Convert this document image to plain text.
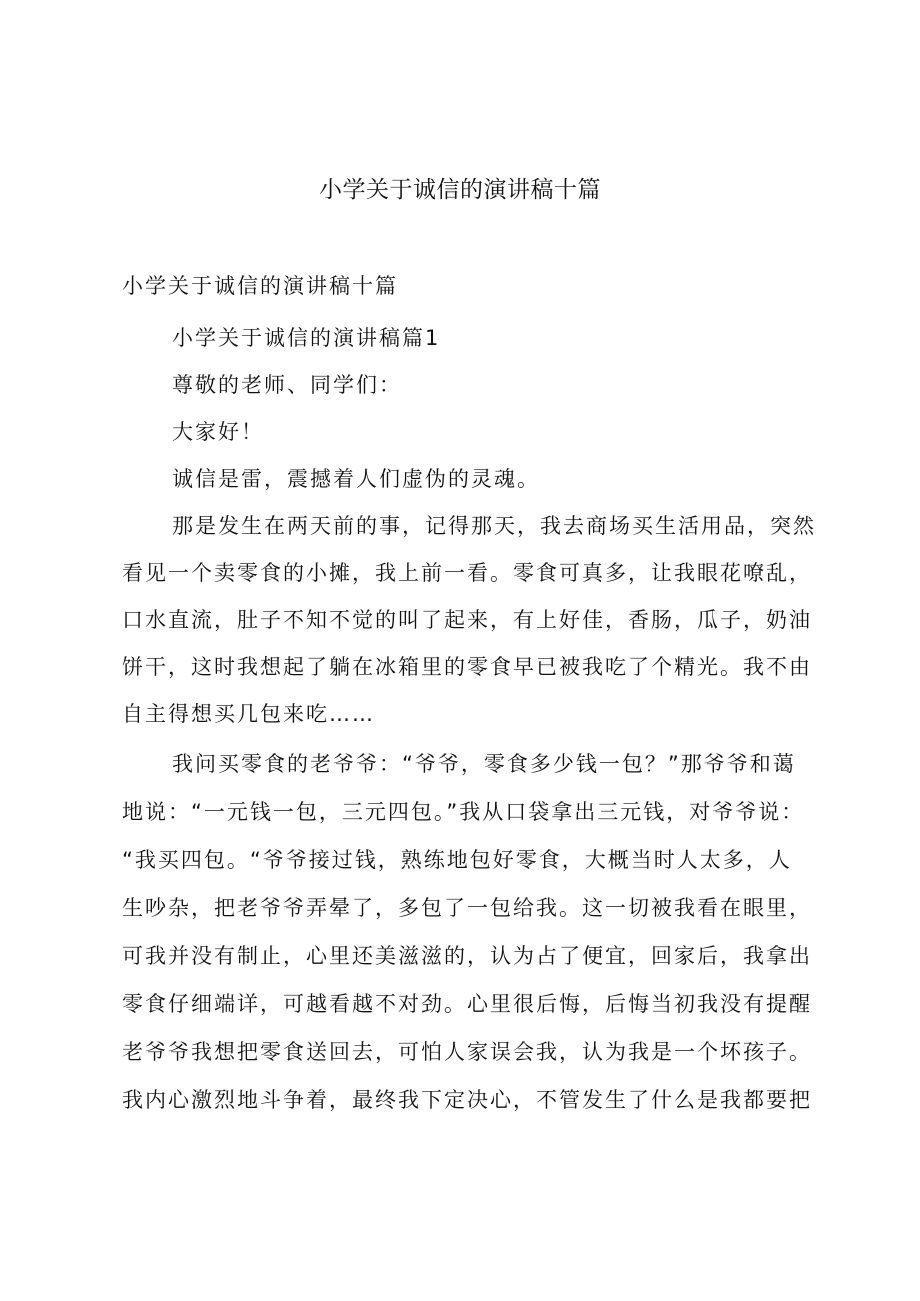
小学关于诚信的演讲稿十篇
小学关于诚信的演讲稿十篇
小学关于诚信的演讲稿篇1
尊敬的老师、同学们：
大家好！
诚信是雷，震撼着人们虚伪的灵魂。
那是发生在两天前的事，记得那天，我去商场买生活用品，突然
看见一个卖零食的小摊，我上前一看。零食可真多，让我眼花嘹乱，
口水直流，肚子不知不觉的叫了起来，有上好佳，香肠，瓜子，奶油
饼干，这时我想起了躺在冰箱里的零食早已被我吃了个精光。我不由
自主得想买几包来吃……
我问买零食的老爷爷：“爷爷，零食多少钱一包？”那爷爷和蔼
地说：“一元钱一包，三元四包。”我从口袋拿出三元钱，对爷爷说：
“我买四包。“爷爷接过钱，熟练地包好零食，大概当时人太多，人
生吵杂，把老爷爷弄晕了，多包了一包给我。这一切被我看在眼里，
可我并没有制止，心里还美滋滋的，认为占了便宜，回家后，我拿出
零食仔细端详，可越看越不对劲。心里很后悔，后悔当初我没有提醒
老爷爷我想把零食送回去，可怕人家误会我，认为我是一个坏孩子。
我内心激烈地斗争着，最终我下定决心，不管发生了什么是我都要把
